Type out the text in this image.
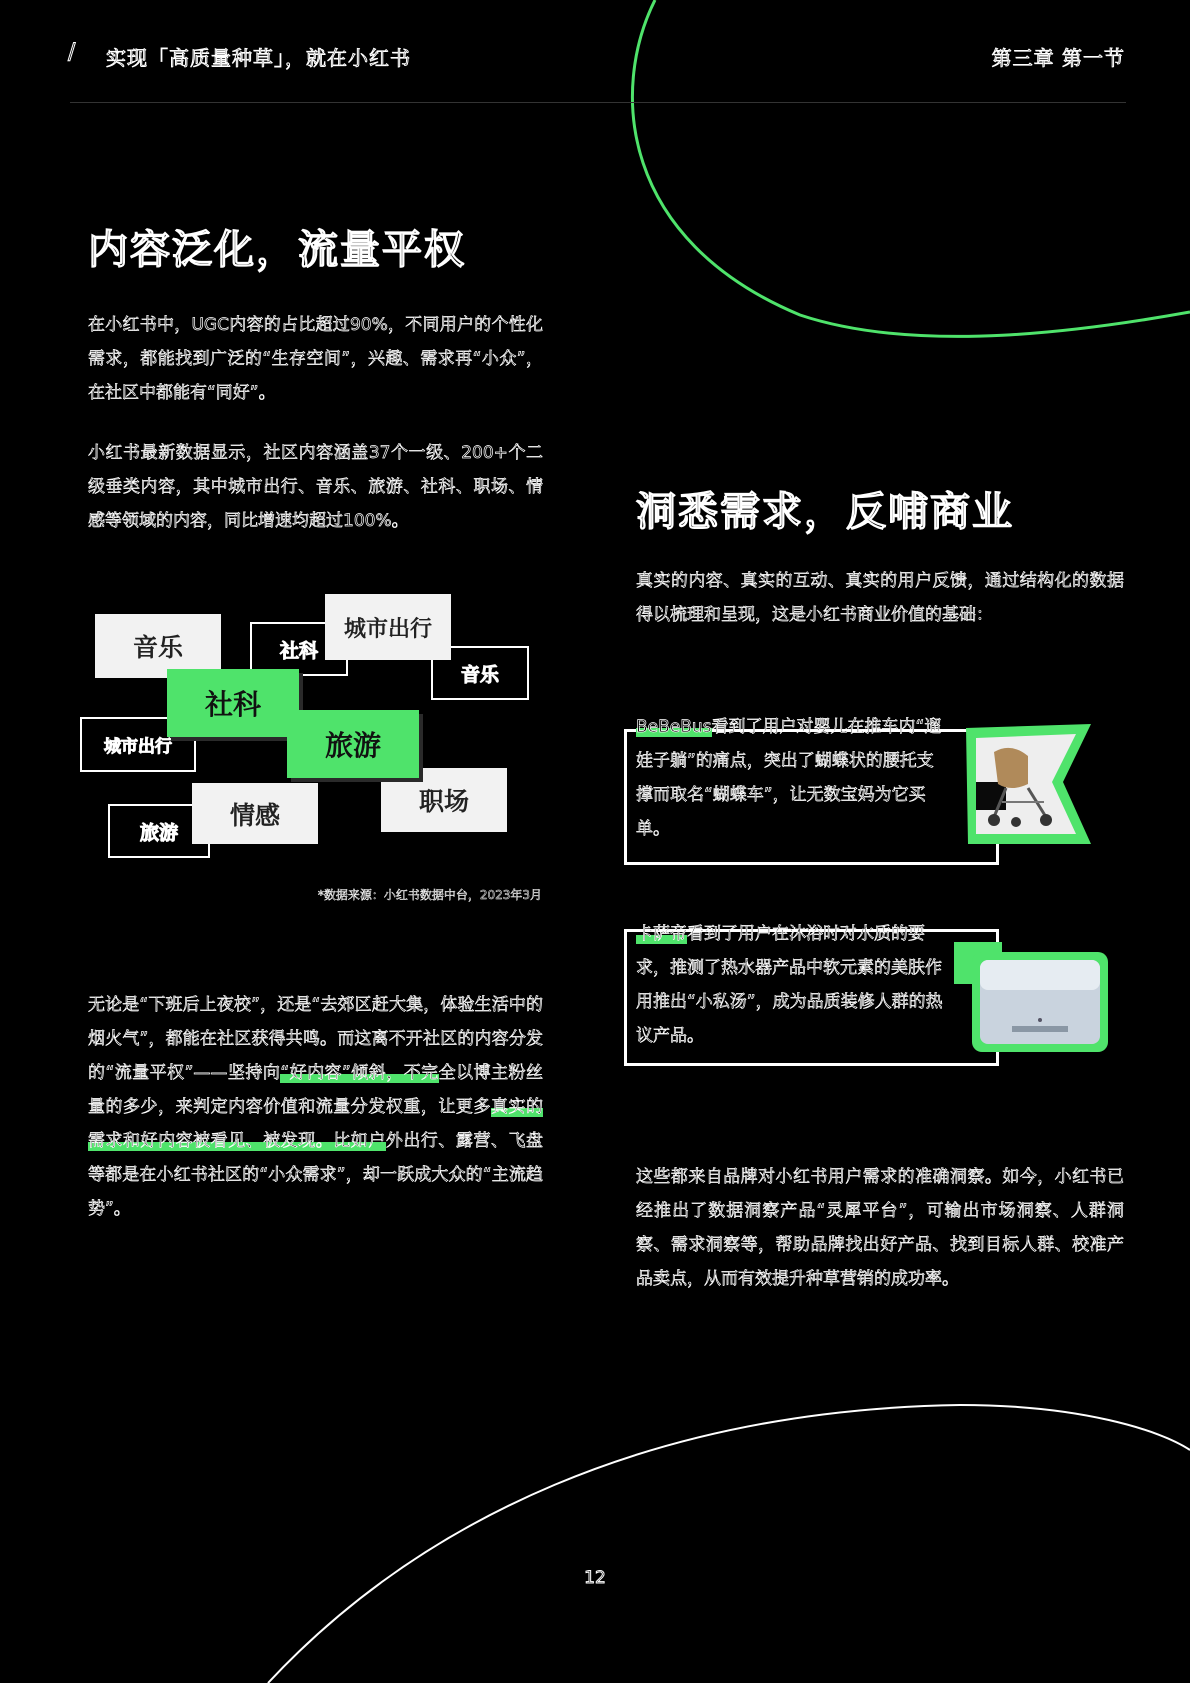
/ 实现「高质量种草」，就在小红书	第三章 第一节
内容泛化，流量平权
在小红书中，UGC内容的占比超过90%，不同用户的个性化需求，都能找到广泛的“生存空间”，兴趣、需求再“小众”，在社区中都能有“同好”。
小红书最新数据显示，社区内容涵盖37个一级、200+个二级垂类内容，其中城市出行、音乐、旅游、社科、职场、情感等领域的内容，同比增速均超过100%。
社科
音乐
城市出行
旅游
音乐
城市出行
职场
情感
社科
旅游
*数据来源：小红书数据中台，2023年3月
无论是“下班后上夜校”，还是“去郊区赶大集，体验生活中的烟火气”，都能在社区获得共鸣。而这离不开社区的内容分发的“流量平权”——坚持向“好内容”倾斜，不完全以博主粉丝量的多少，来判定内容价值和流量分发权重，让更多真实的需求和好内容被看见、被发现。比如户外出行、露营、飞盘等都是在小红书社区的“小众需求”，却一跃成大众的“主流趋势”。
洞悉需求，反哺商业
真实的内容、真实的互动、真实的用户反馈，通过结构化的数据得以梳理和呈现，这是小红书商业价值的基础：
BeBeBus看到了用户对婴儿在推车内“遛娃子躺”的痛点，突出了蝴蝶状的腰托支撑而取名“蝴蝶车”，让无数宝妈为它买单。
卡萨帝看到了用户在沐浴时对水质的要求，推测了热水器产品中软元素的美肤作用推出“小私汤”，成为品质装修人群的热议产品。
这些都来自品牌对小红书用户需求的准确洞察。如今，小红书已经推出了数据洞察产品“灵犀平台”，可输出市场洞察、人群洞察、需求洞察等，帮助品牌找出好产品、找到目标人群、校准产品卖点，从而有效提升种草营销的成功率。
12
